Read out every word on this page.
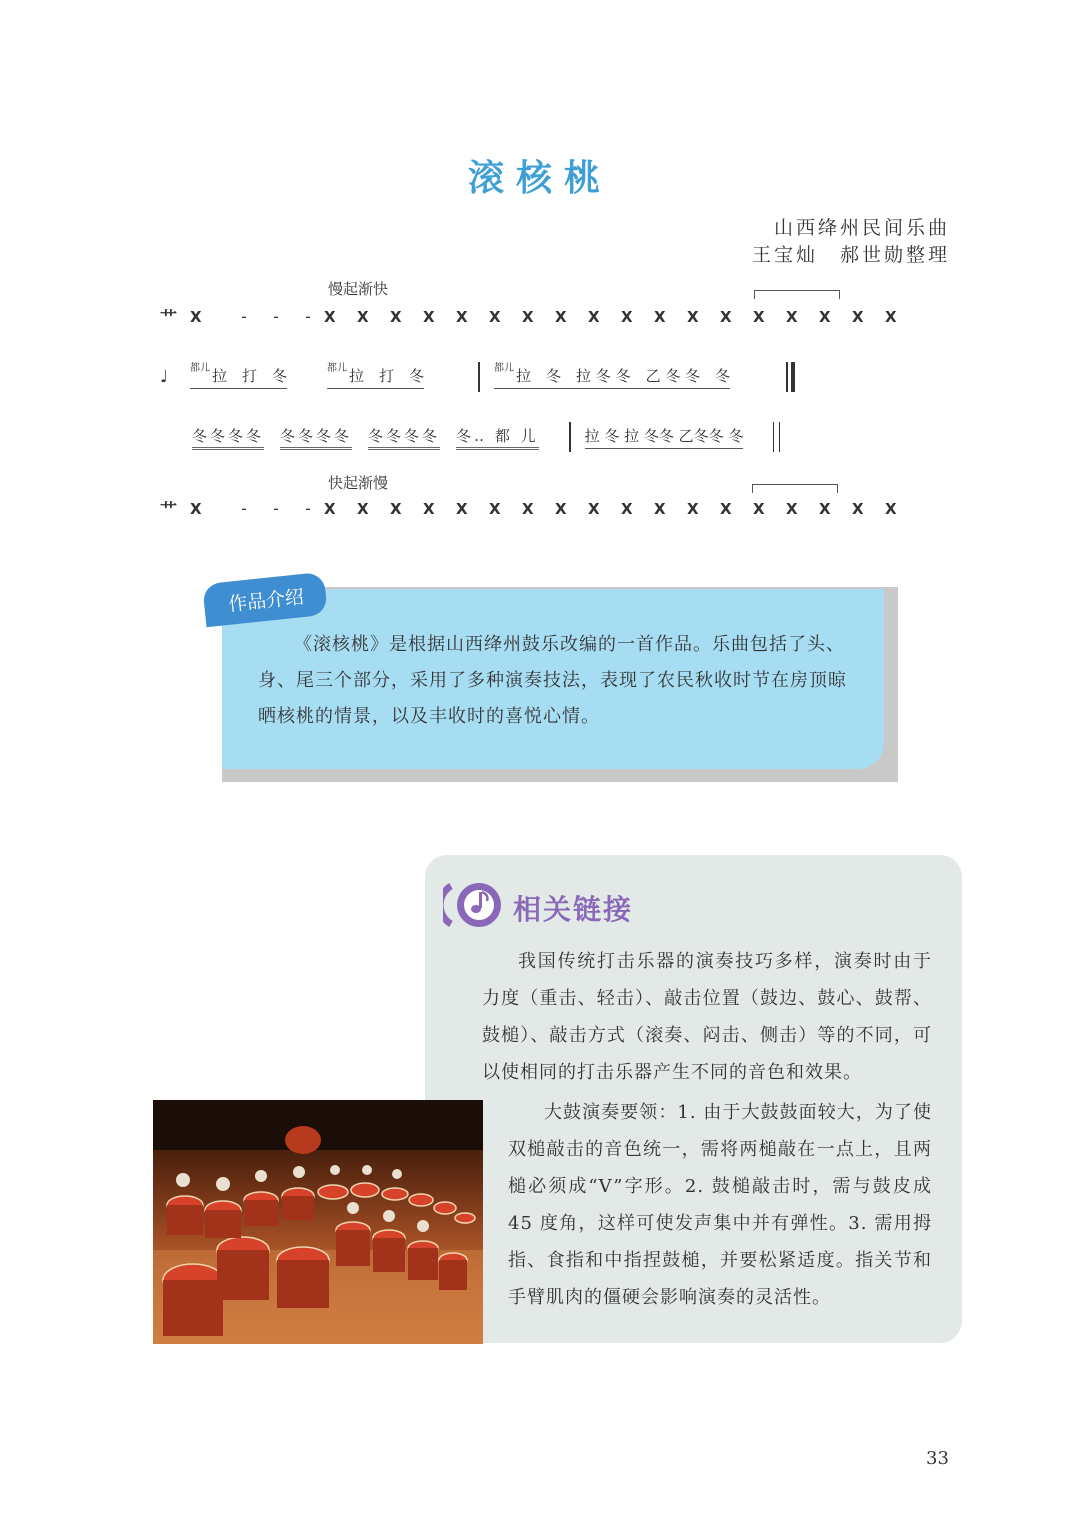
滚核桃
山西绛州民间乐曲
王宝灿　郝世勋整理
慢起渐快
艹 X	-	-	- X X X X X X X X X X X X X X X X X X
♩	$^{都儿}$ 拉　打　冬	$^{都儿}$ 拉　打　冬	$^{都儿}$ 拉　冬　拉 冬 冬　乙 冬 冬　冬
冬冬冬冬 冬冬冬冬 冬冬冬冬 冬‥ 都 儿	拉 冬 拉 冬冬 乙冬冬 冬
快起渐慢
艹 X	-	-	- X X X X X X X X X X X X X X X X X X
作品介绍
《滚核桃》是根据山西绛州鼓乐改编的一首作品。乐曲包括了头、身、尾三个部分，采用了多种演奏技法，表现了农民秋收时节在房顶晾晒核桃的情景，以及丰收时的喜悦心情。
相关链接
我国传统打击乐器的演奏技巧多样，演奏时由于力度（重击、轻击）、敲击位置（鼓边、鼓心、鼓帮、鼓槌）、敲击方式（滚奏、闷击、侧击）等的不同，可以使相同的打击乐器产生不同的音色和效果。
大鼓演奏要领：1. 由于大鼓鼓面较大，为了使双槌敲击的音色统一，需将两槌敲在一点上，且两槌必须成“V”字形。2. 鼓槌敲击时，需与鼓皮成 45 度角，这样可使发声集中并有弹性。3. 需用拇指、食指和中指捏鼓槌，并要松紧适度。指关节和手臂肌肉的僵硬会影响演奏的灵活性。
33
